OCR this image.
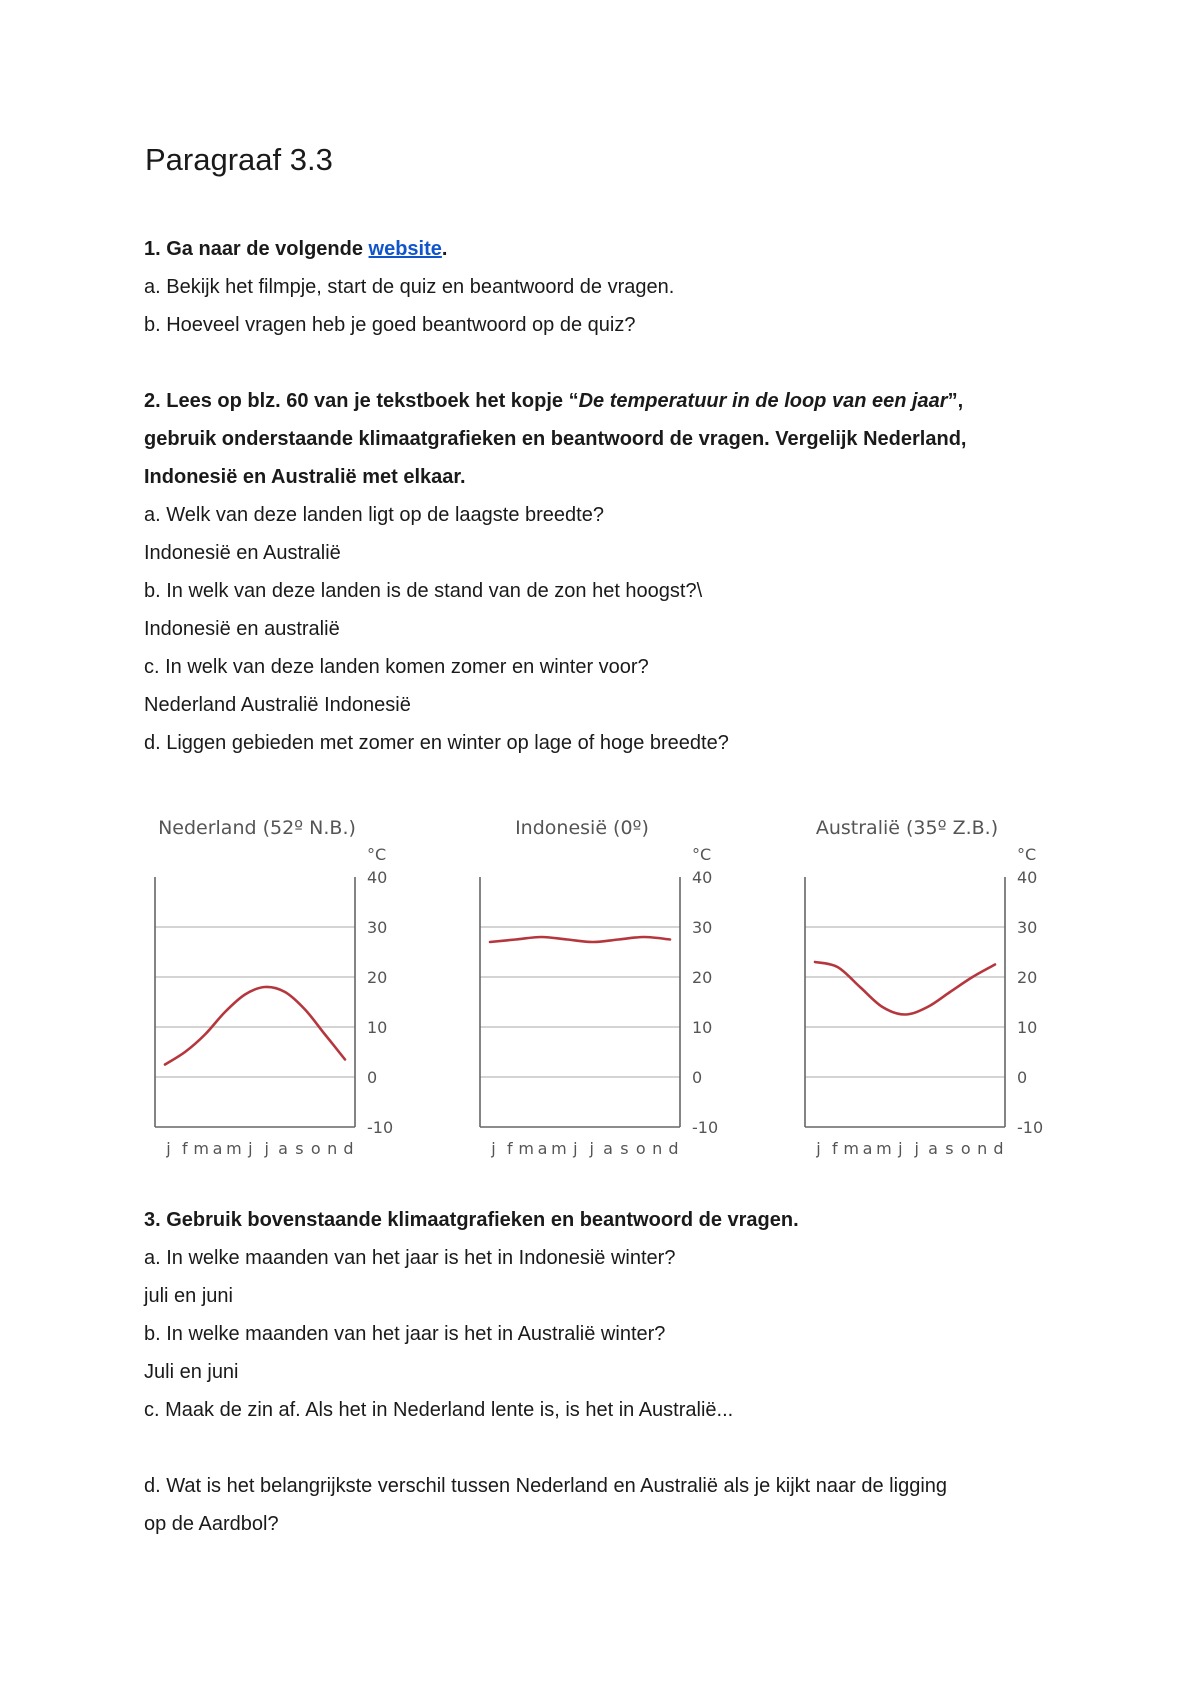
Paragraaf 3.3

1. Ga naar de volgende website.

a. Bekijk het filmpje, start de quiz en beantwoord de vragen.

b. Hoeveel vragen heb je goed beantwoord op de quiz?

2. Lees op blz. 60 van je tekstboek het kopje “De temperatuur in de loop van een jaar”,

gebruik onderstaande klimaatgrafieken en beantwoord de vragen. Vergelijk Nederland,

Indonesië en Australië met elkaar.

a. Welk van deze landen ligt op de laagste breedte?

Indonesië en Australië

b. In welk van deze landen is de stand van de zon het hoogst?\

Indonesië en australië

c. In welk van deze landen komen zomer en winter voor?

Nederland Australië Indonesië

d. Liggen gebieden met zomer en winter op lage of hoge breedte?

Nederland (52º N.B.)
°C
40
30
20
10
0
-10
j f m a m j j a s o n d
Indonesië (0º)
°C
40
30
20
10
0
-10
j f m a m j j a s o n d
Australië (35º Z.B.)
°C
40
30
20
10
0
-10
j f m a m j j a s o n d

3. Gebruik bovenstaande klimaatgrafieken en beantwoord de vragen.

a. In welke maanden van het jaar is het in Indonesië winter?

juli en juni

b. In welke maanden van het jaar is het in Australië winter?

Juli en juni

c. Maak de zin af. Als het in Nederland lente is, is het in Australië...

d. Wat is het belangrijkste verschil tussen Nederland en Australië als je kijkt naar de ligging

op de Aardbol?
